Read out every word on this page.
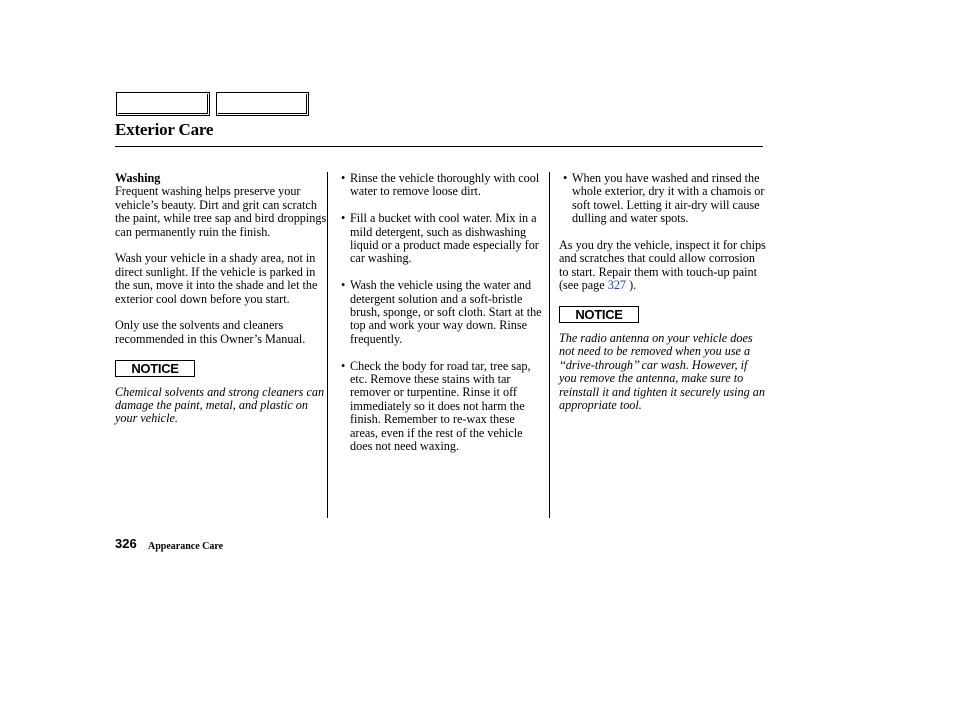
Exterior Care
Washing

Frequent washing helps preserve your vehicle’s beauty. Dirt and grit can scratch the paint, while tree sap and bird droppings can permanently ruin the finish.

Wash your vehicle in a shady area, not in direct sunlight. If the vehicle is parked in the sun, move it into the shade and let the exterior cool down before you start.

Only use the solvents and cleaners recommended in this Owner’s Manual.

NOTICE

Chemical solvents and strong cleaners can damage the paint, metal, and plastic on your vehicle.

• Rinse the vehicle thoroughly with cool water to remove loose dirt.
• Fill a bucket with cool water. Mix in a mild detergent, such as dishwashing liquid or a product made especially for car washing.
• Wash the vehicle using the water and detergent solution and a soft-bristle brush, sponge, or soft cloth. Start at the top and work your way down. Rinse frequently.
• Check the body for road tar, tree sap, etc. Remove these stains with tar remover or turpentine. Rinse it off immediately so it does not harm the finish. Remember to re-wax these areas, even if the rest of the vehicle does not need waxing.
• When you have washed and rinsed the whole exterior, dry it with a chamois or soft towel. Letting it air-dry will cause dulling and water spots.

As you dry the vehicle, inspect it for chips and scratches that could allow corrosion to start. Repair them with touch-up paint (see page 327 ).

NOTICE

The radio antenna on your vehicle does not need to be removed when you use a ‘‘drive-through’’ car wash. However, if you remove the antenna, make sure to reinstall it and tighten it securely using an appropriate tool.

326 Appearance Care
